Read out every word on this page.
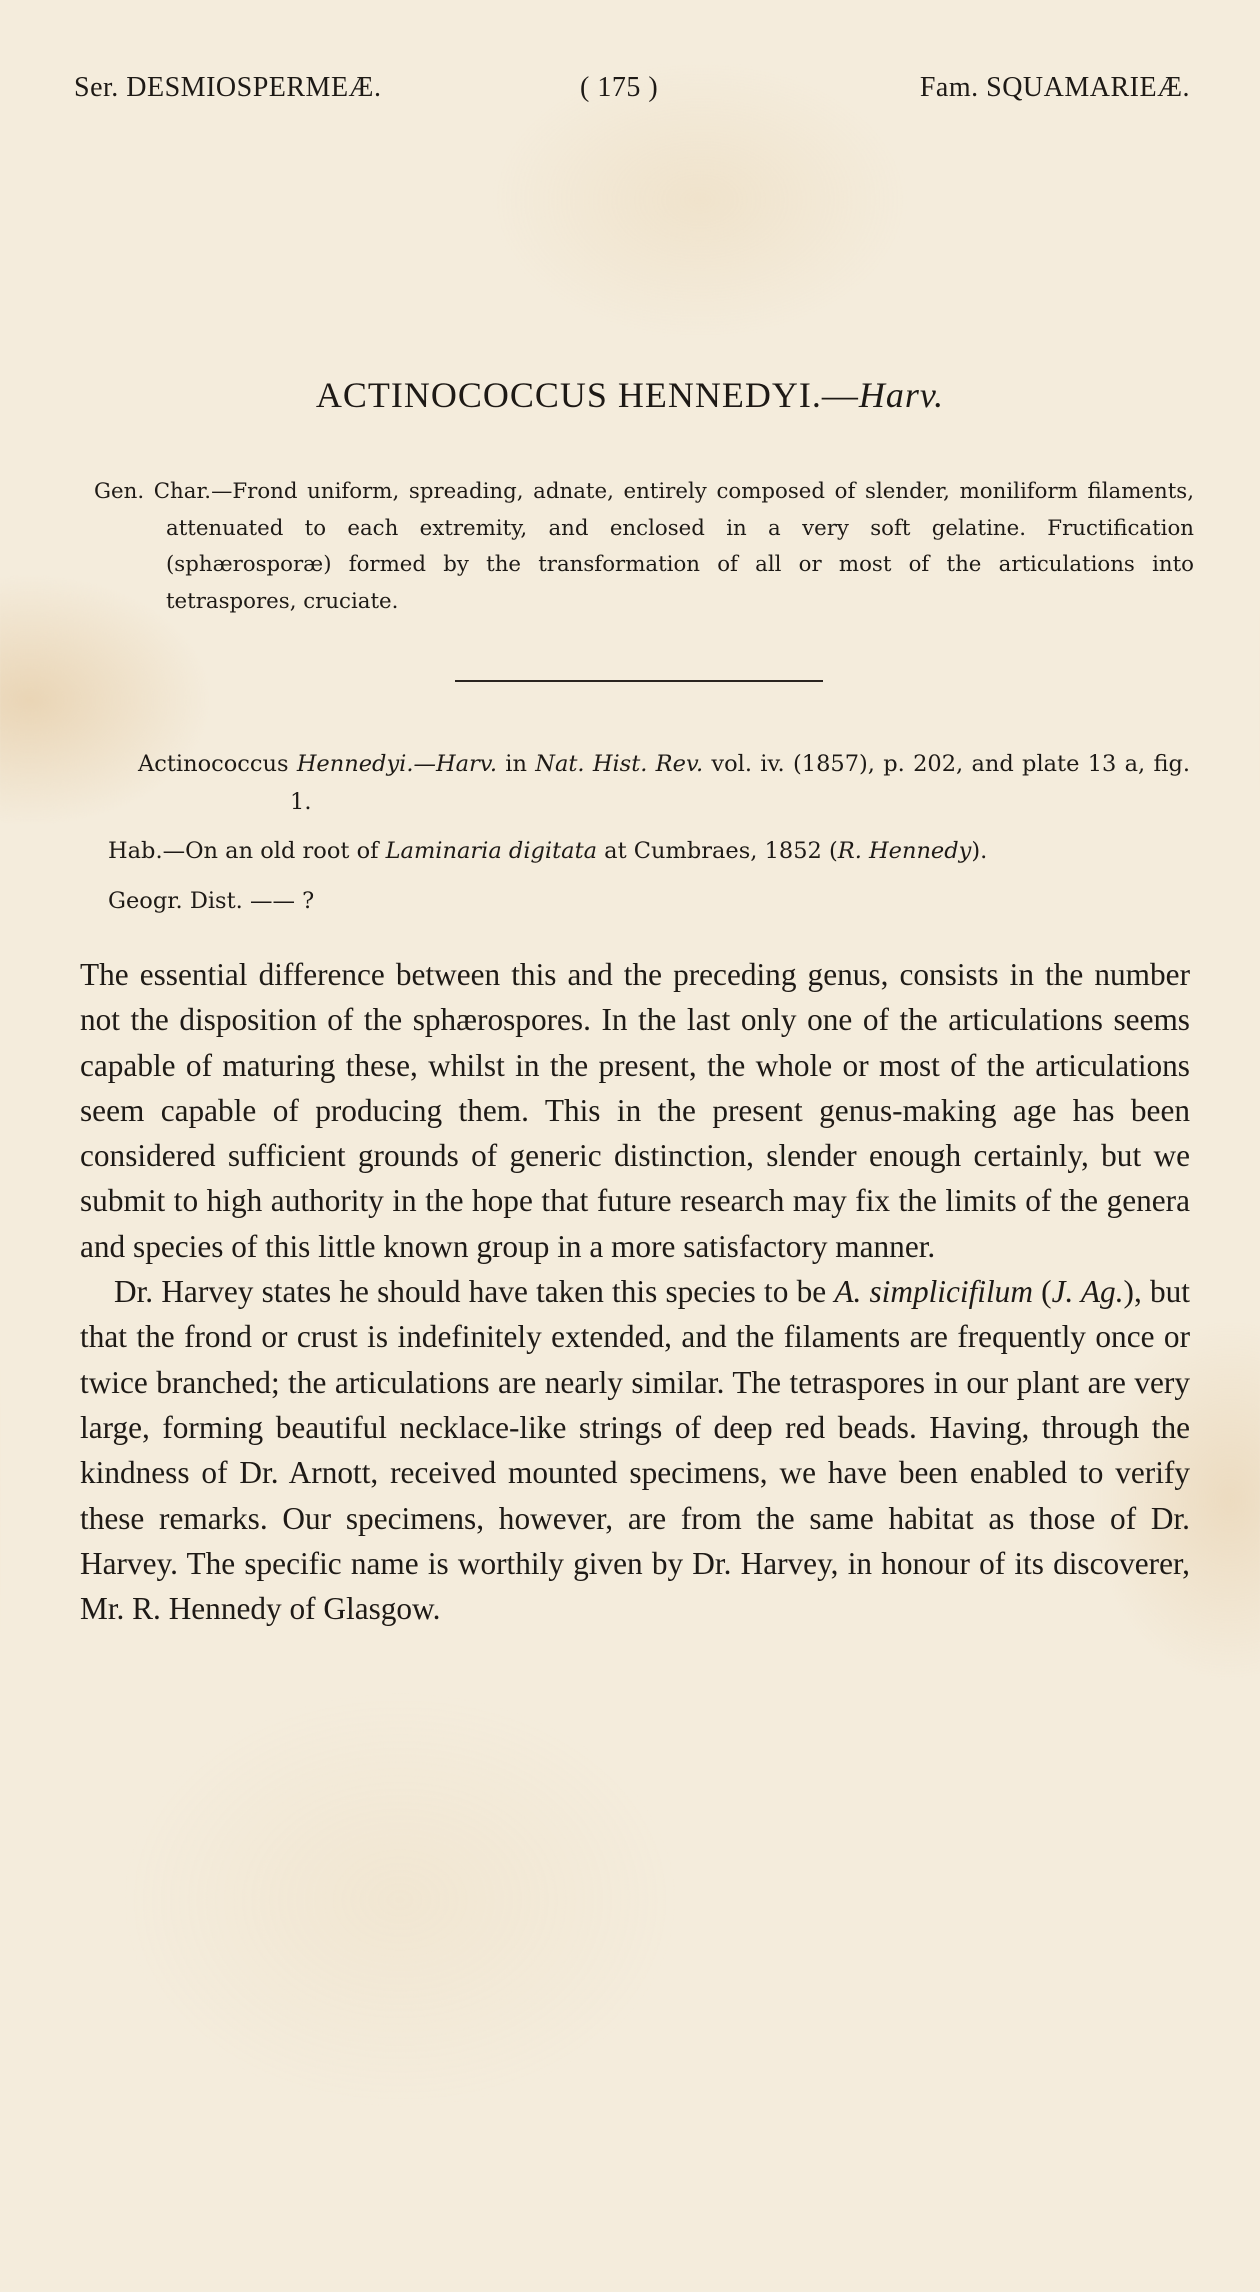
Ser. DESMIOSPERMEÆ.	( 175 )	Fam. SQUAMARIEÆ.
ACTINOCOCCUS HENNEDYI.—Harv.
Gen. Char.—Frond uniform, spreading, adnate, entirely composed of slender, moniliform filaments, attenuated to each extremity, and enclosed in a very soft gelatine. Fructification (sphærosporæ) formed by the transformation of all or most of the articulations into tetraspores, cruciate.
Actinococcus Hennedyi.—Harv. in Nat. Hist. Rev. vol. iv. (1857), p. 202, and plate 13 a, fig. 1.
Hab.—On an old root of Laminaria digitata at Cumbraes, 1852 (R. Hennedy).
Geogr. Dist. —— ?

The essential difference between this and the preceding genus, consists in the number not the disposition of the sphærospores. In the last only one of the articulations seems capable of maturing these, whilst in the present, the whole or most of the articulations seem capable of producing them. This in the present genus-making age has been considered sufficient grounds of generic distinction, slender enough certainly, but we submit to high authority in the hope that future research may fix the limits of the genera and species of this little known group in a more satisfactory manner.

Dr. Harvey states he should have taken this species to be A. simplicifilum (J. Ag.), but that the frond or crust is indefinitely extended, and the filaments are frequently once or twice branched; the articulations are nearly similar. The tetraspores in our plant are very large, forming beautiful necklace-like strings of deep red beads. Having, through the kindness of Dr. Arnott, received mounted specimens, we have been enabled to verify these remarks. Our specimens, however, are from the same habitat as those of Dr. Harvey. The specific name is worthily given by Dr. Harvey, in honour of its discoverer, Mr. R. Hennedy of Glasgow.
